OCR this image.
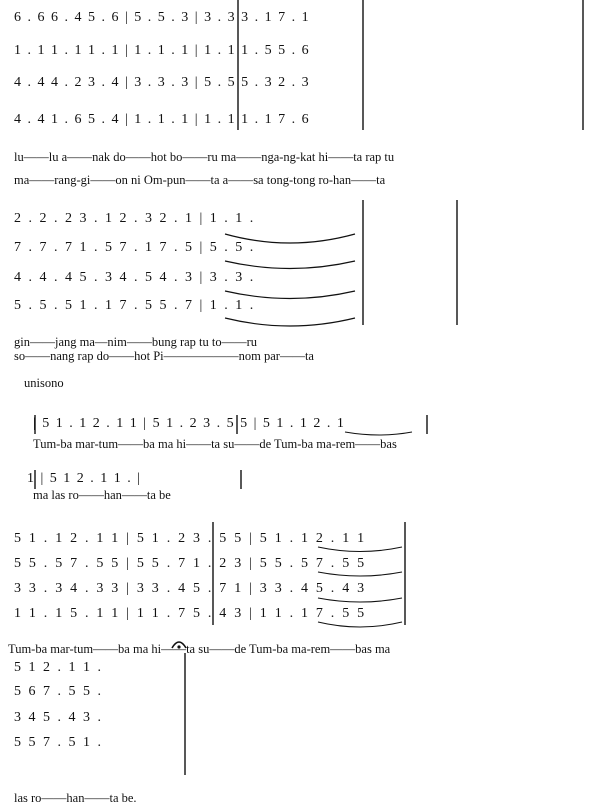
6 . 6 6 . 4 5 . 6 | 5 . 5 . 3 | 3 . 3 3 . 1 7 . 1
1 . 1 1 . 1 1 . 1 | 1 . 1 . 1 | 1 . 1 1 . 5 5 . 6
4 . 4 4 . 2 3 . 4 | 3 . 3 . 3 | 5 . 5 5 . 3 2 . 3
4 . 4 1 . 6 5 . 4 | 1 . 1 . 1 | 1 . 1 1 . 1 7 . 6
lu——lu a——nak do——hot bo——ru ma——nga-ng-kat hi——ta rap tu
ma——rang-gi——on ni Om-pun——ta a——sa tong-tong ro-han——ta
2 . 2 . 2 3 . 1 2 . 3 2 . 1 | 1 . 1 .
7 . 7 . 7 1 . 5 7 . 1 7 . 5 | 5 . 5 .
4 . 4 . 4 5 . 3 4 . 5 4 . 3 | 3 . 3 .
5 . 5 . 5 1 . 1 7 . 5 5 . 7 | 1 . 1 .
gin——jang ma—nim——bung rap tu to——ru
so——nang rap do——hot Pi——————nom par——ta
unisono
| 5 1 . 1 2 . 1 1 | 5 1 . 2 3 . 5 5 | 5 1 . 1 2 . 1
Tum-ba mar-tum——ba ma hi——ta su——de Tum-ba ma-rem——bas
1 | 5 1 2 . 1 1 . |
ma las ro——han——ta be
5 1 . 1 2 . 1 1 | 5 1 . 2 3 . 5 5 | 5 1 . 1 2 . 1 1
5 5 . 5 7 . 5 5 | 5 5 . 7 1 . 2 3 | 5 5 . 5 7 . 5 5
3 3 . 3 4 . 3 3 | 3 3 . 4 5 . 7 1 | 3 3 . 4 5 . 4 3
1 1 . 1 5 . 1 1 | 1 1 . 7 5 . 4 3 | 1 1 . 1 7 . 5 5
Tum-ba mar-tum——ba ma hi——ta su——de Tum-ba ma-rem——bas ma
5 1 2 . 1 1 .
5 6 7 . 5 5 .
3 4 5 . 4 3 .
5 5 7 . 5 1 .
las ro——han——ta be.
